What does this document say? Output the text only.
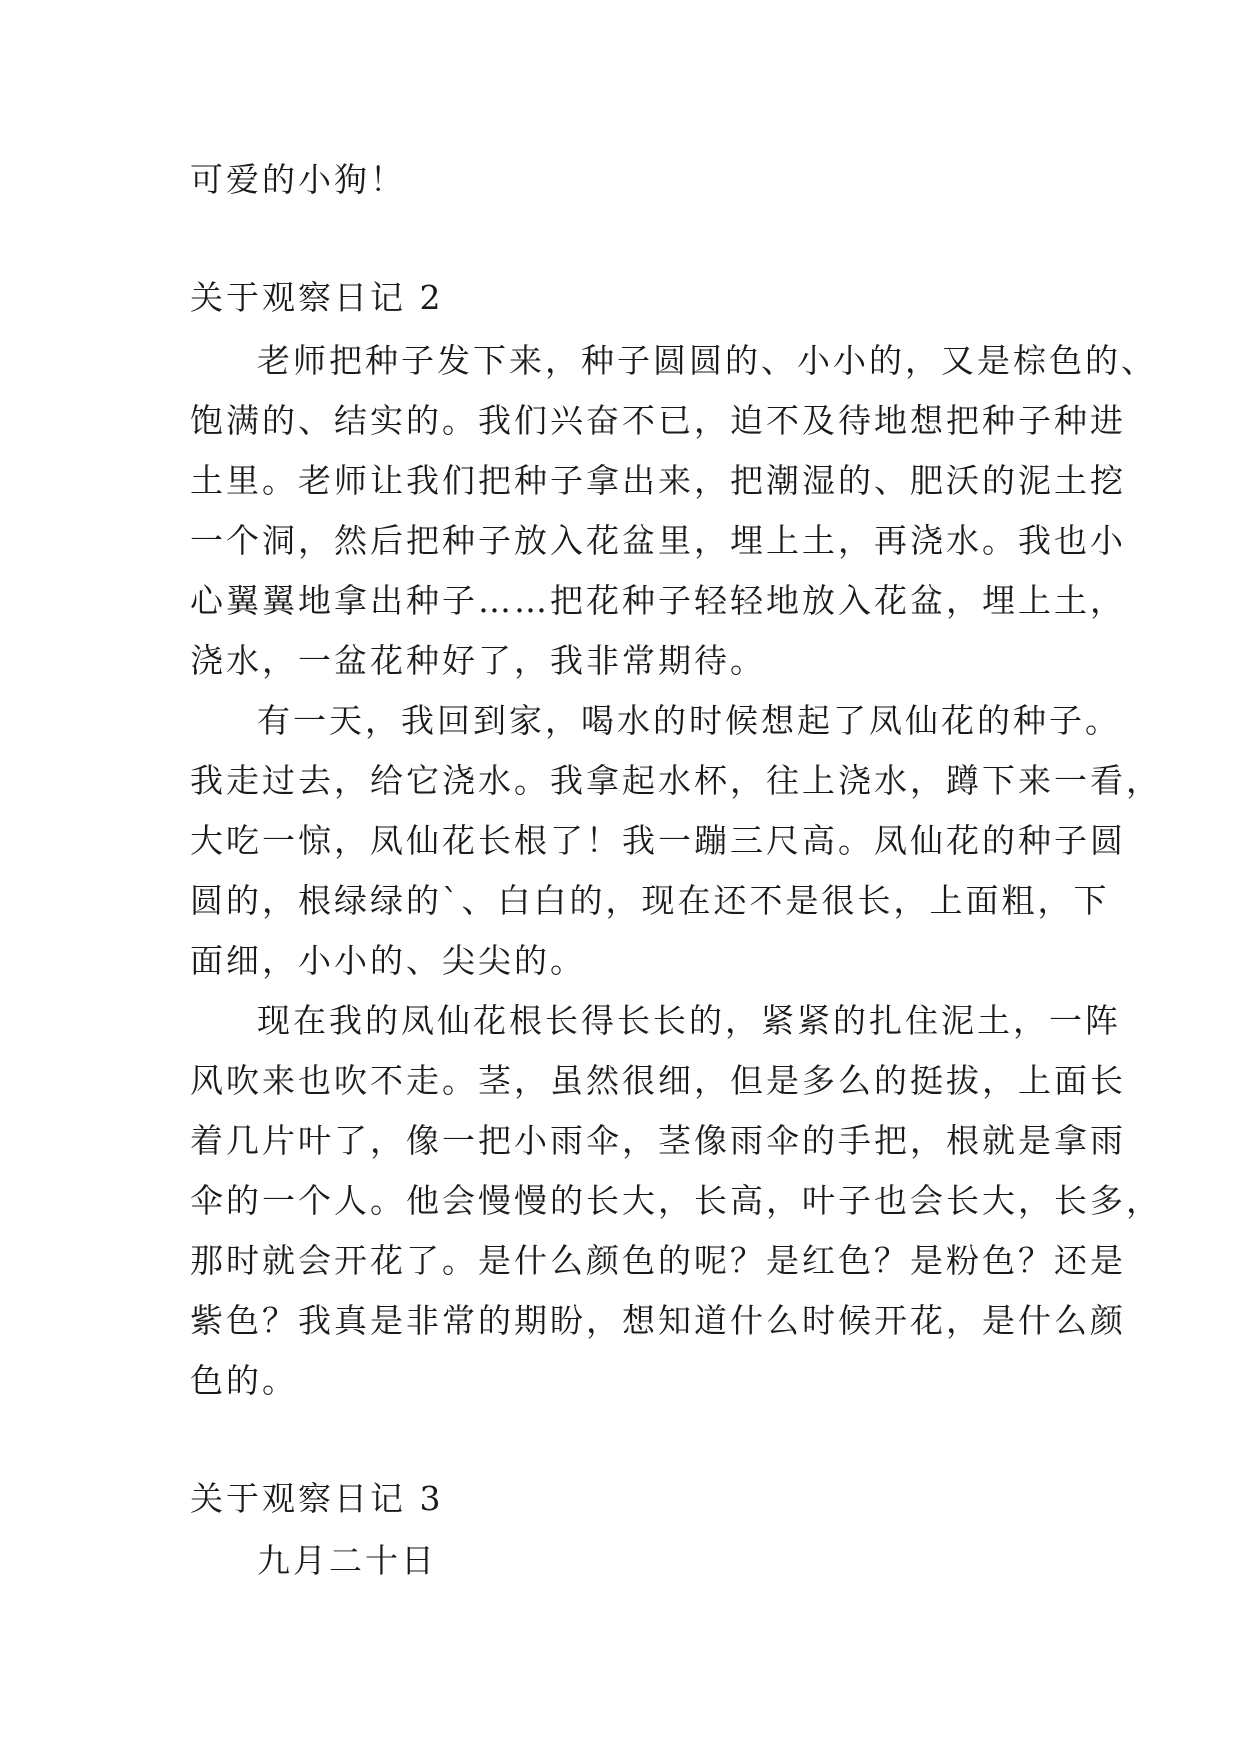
可爱的小狗！
关于观察日记 2
老师把种子发下来，种子圆圆的、小小的，又是棕色的、
饱满的、结实的。我们兴奋不已，迫不及待地想把种子种进
土里。老师让我们把种子拿出来，把潮湿的、肥沃的泥土挖
一个洞，然后把种子放入花盆里，埋上土，再浇水。我也小
心翼翼地拿出种子……把花种子轻轻地放入花盆，埋上土，
浇水，一盆花种好了，我非常期待。
有一天，我回到家，喝水的时候想起了凤仙花的种子。
我走过去，给它浇水。我拿起水杯，往上浇水，蹲下来一看，
大吃一惊，凤仙花长根了！我一蹦三尺高。凤仙花的种子圆
圆的，根绿绿的`、白白的，现在还不是很长，上面粗，下
面细，小小的、尖尖的。
现在我的凤仙花根长得长长的，紧紧的扎住泥土，一阵
风吹来也吹不走。茎，虽然很细，但是多么的挺拔，上面长
着几片叶了，像一把小雨伞，茎像雨伞的手把，根就是拿雨
伞的一个人。他会慢慢的长大，长高，叶子也会长大，长多，
那时就会开花了。是什么颜色的呢？是红色？是粉色？还是
紫色？我真是非常的期盼，想知道什么时候开花，是什么颜
色的。
关于观察日记 3
九月二十日
